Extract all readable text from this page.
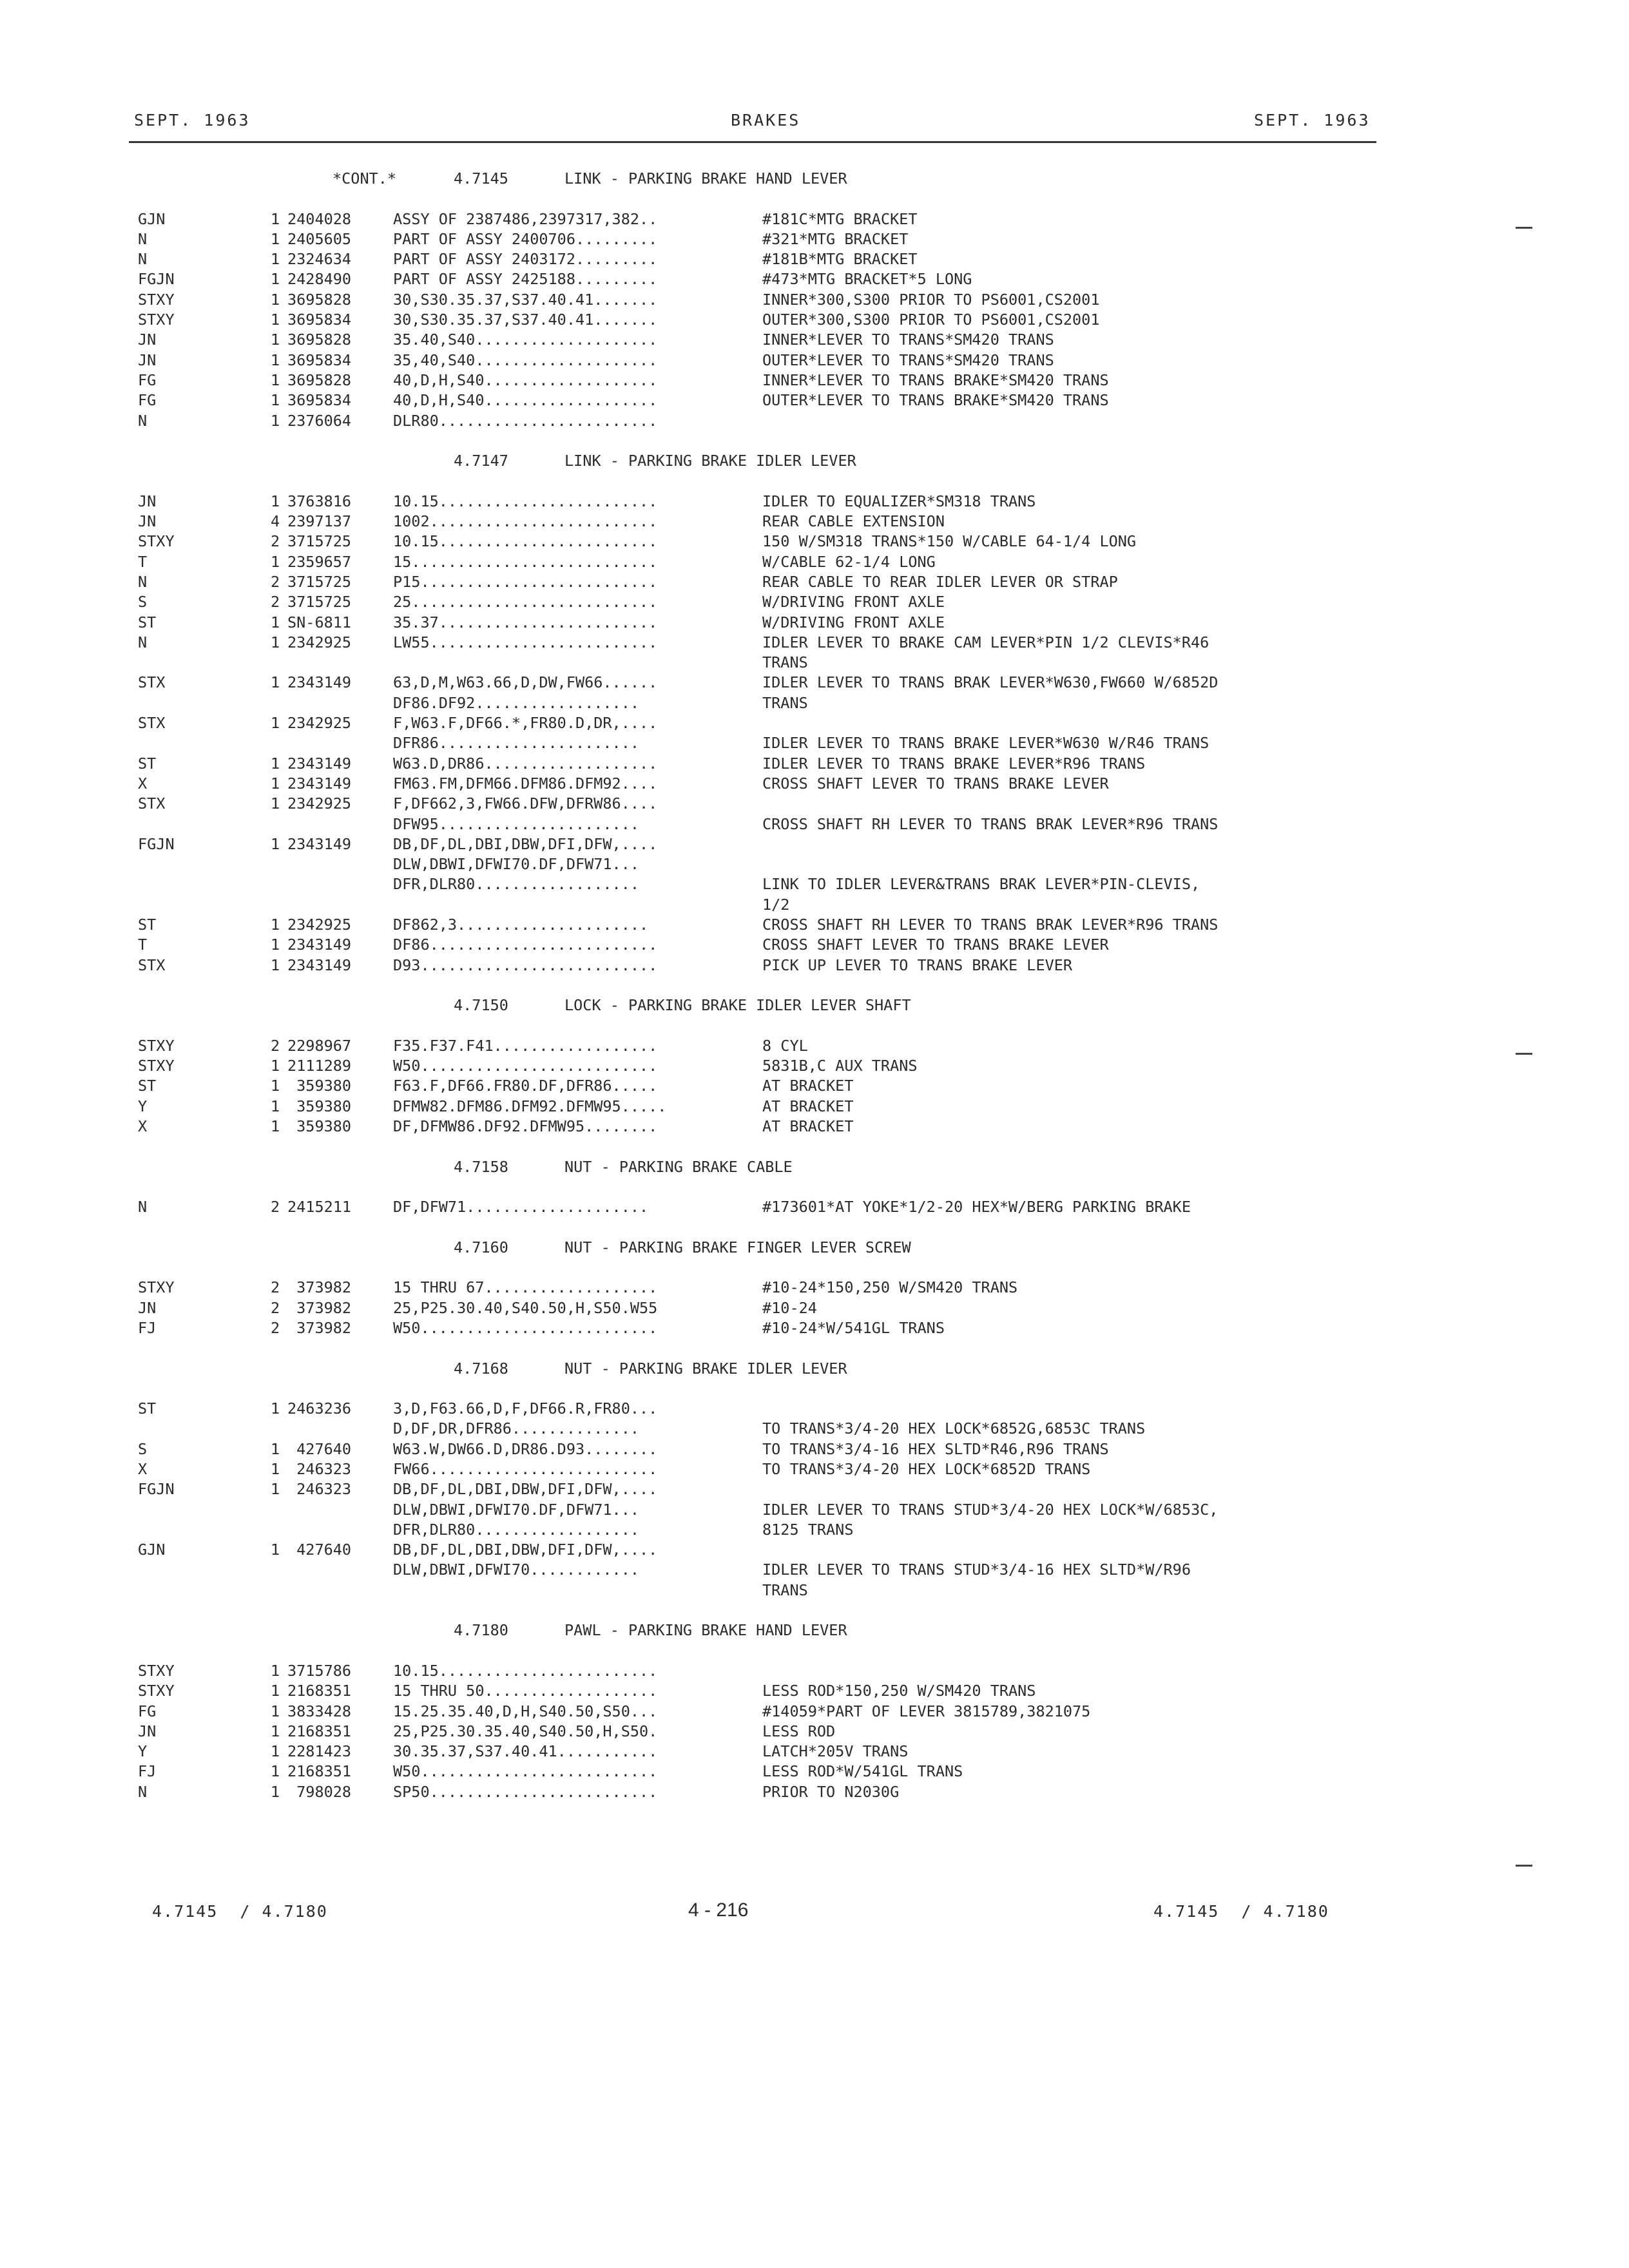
SEPT. 1963	BRAKES	SEPT. 1963
*CONT.*	4.7145	LINK - PARKING BRAKE HAND LEVER
GJN	1 2404028	ASSY OF 2387486,2397317,382..	#181C*MTG BRACKET
N	1 2405605	PART OF ASSY 2400706.........	#321*MTG BRACKET
N	1 2324634	PART OF ASSY 2403172.........	#181B*MTG BRACKET
FGJN	1 2428490	PART OF ASSY 2425188.........	#473*MTG BRACKET*5 LONG
STXY	1 3695828	30,S30.35.37,S37.40.41.......	INNER*300,S300 PRIOR TO PS6001,CS2001
STXY	1 3695834	30,S30.35.37,S37.40.41.......	OUTER*300,S300 PRIOR TO PS6001,CS2001
JN	1 3695828	35.40,S40....................	INNER*LEVER TO TRANS*SM420 TRANS
JN	1 3695834	35,40,S40....................	OUTER*LEVER TO TRANS*SM420 TRANS
FG	1 3695828	40,D,H,S40...................	INNER*LEVER TO TRANS BRAKE*SM420 TRANS
FG	1 3695834	40,D,H,S40...................	OUTER*LEVER TO TRANS BRAKE*SM420 TRANS
N	1 2376064	DLR80........................
4.7147	LINK - PARKING BRAKE IDLER LEVER
JN	1 3763816	10.15........................	IDLER TO EQUALIZER*SM318 TRANS
JN	4 2397137	1002.........................	REAR CABLE EXTENSION
STXY	2 3715725	10.15........................	150 W/SM318 TRANS*150 W/CABLE 64-1/4 LONG
T	1 2359657	15...........................	W/CABLE 62-1/4 LONG
N	2 3715725	P15..........................	REAR CABLE TO REAR IDLER LEVER OR STRAP
S	2 3715725	25...........................	W/DRIVING FRONT AXLE
ST	1 SN-6811	35.37........................	W/DRIVING FRONT AXLE
N	1 2342925	LW55.........................	IDLER LEVER TO BRAKE CAM LEVER*PIN 1/2 CLEVIS*R46
TRANS
STX	1 2343149	63,D,M,W63.66,D,DW,FW66......	IDLER LEVER TO TRANS BRAK LEVER*W630,FW660 W/6852D
DF86.DF92..................	TRANS
STX	1 2342925	F,W63.F,DF66.*,FR80.D,DR,....
DFR86......................	IDLER LEVER TO TRANS BRAKE LEVER*W630 W/R46 TRANS
ST	1 2343149	W63.D,DR86...................	IDLER LEVER TO TRANS BRAKE LEVER*R96 TRANS
X	1 2343149	FM63.FM,DFM66.DFM86.DFM92....	CROSS SHAFT LEVER TO TRANS BRAKE LEVER
STX	1 2342925	F,DF662,3,FW66.DFW,DFRW86....
DFW95......................	CROSS SHAFT RH LEVER TO TRANS BRAK LEVER*R96 TRANS
FGJN	1 2343149	DB,DF,DL,DBI,DBW,DFI,DFW,....
DLW,DBWI,DFWI70.DF,DFW71...
DFR,DLR80..................	LINK TO IDLER LEVER&TRANS BRAK LEVER*PIN-CLEVIS,
1/2
ST	1 2342925	DF862,3.....................	CROSS SHAFT RH LEVER TO TRANS BRAK LEVER*R96 TRANS
T	1 2343149	DF86.........................	CROSS SHAFT LEVER TO TRANS BRAKE LEVER
STX	1 2343149	D93..........................	PICK UP LEVER TO TRANS BRAKE LEVER
4.7150	LOCK - PARKING BRAKE IDLER LEVER SHAFT
STXY	2 2298967	F35.F37.F41..................	8 CYL
STXY	1 2111289	W50..........................	5831B,C AUX TRANS
ST	1 359380	F63.F,DF66.FR80.DF,DFR86.....	AT BRACKET
Y	1 359380	DFMW82.DFM86.DFM92.DFMW95.....	AT BRACKET
X	1 359380	DF,DFMW86.DF92.DFMW95........	AT BRACKET
4.7158	NUT - PARKING BRAKE CABLE
N	2 2415211	DF,DFW71....................	#173601*AT YOKE*1/2-20 HEX*W/BERG PARKING BRAKE
4.7160	NUT - PARKING BRAKE FINGER LEVER SCREW
STXY	2 373982	15 THRU 67...................	#10-24*150,250 W/SM420 TRANS
JN	2 373982	25,P25.30.40,S40.50,H,S50.W55	#10-24
FJ	2 373982	W50..........................	#10-24*W/541GL TRANS
4.7168	NUT - PARKING BRAKE IDLER LEVER
ST	1 2463236	3,D,F63.66,D,F,DF66.R,FR80...
D,DF,DR,DFR86..............	TO TRANS*3/4-20 HEX LOCK*6852G,6853C TRANS
S	1 427640	W63.W,DW66.D,DR86.D93........	TO TRANS*3/4-16 HEX SLTD*R46,R96 TRANS
X	1 246323	FW66.........................	TO TRANS*3/4-20 HEX LOCK*6852D TRANS
FGJN	1 246323	DB,DF,DL,DBI,DBW,DFI,DFW,....
DLW,DBWI,DFWI70.DF,DFW71...	IDLER LEVER TO TRANS STUD*3/4-20 HEX LOCK*W/6853C,
DFR,DLR80..................	8125 TRANS
GJN	1 427640	DB,DF,DL,DBI,DBW,DFI,DFW,....
DLW,DBWI,DFWI70............	IDLER LEVER TO TRANS STUD*3/4-16 HEX SLTD*W/R96
TRANS
4.7180	PAWL - PARKING BRAKE HAND LEVER
STXY	1 3715786	10.15........................
STXY	1 2168351	15 THRU 50...................	LESS ROD*150,250 W/SM420 TRANS
FG	1 3833428	15.25.35.40,D,H,S40.50,S50...	#14059*PART OF LEVER 3815789,3821075
JN	1 2168351	25,P25.30.35.40,S40.50,H,S50.	LESS ROD
Y	1 2281423	30.35.37,S37.40.41...........	LATCH*205V TRANS
FJ	1 2168351	W50..........................	LESS ROD*W/541GL TRANS
N	1 798028	SP50.........................	PRIOR TO N2030G
4.7145  / 4.7180	4 - 216	4.7145  / 4.7180
